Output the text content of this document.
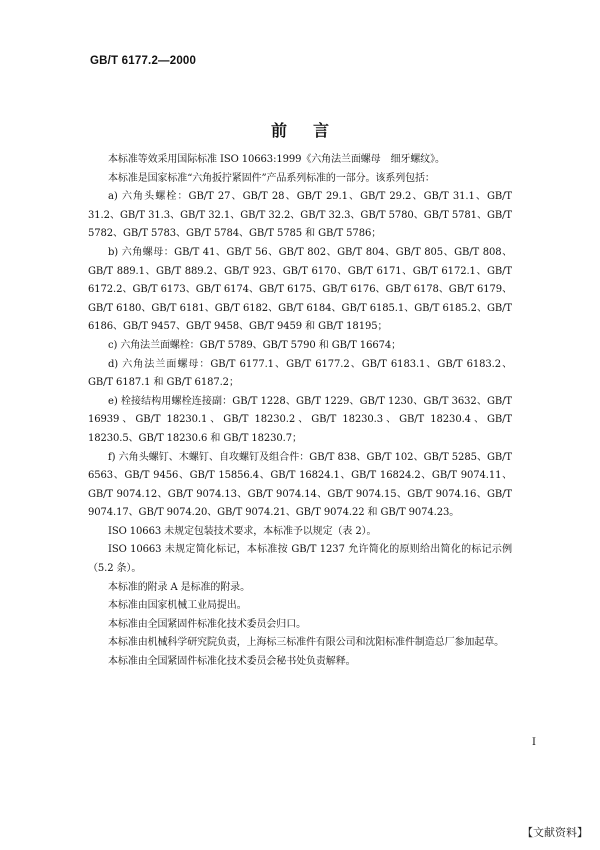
GB/T 6177.2—2000
前言

本标准等效采用国际标准 ISO 10663:1999《六角法兰面螺母　细牙螺纹》。

本标准是国家标准“六角扳拧紧固件”产品系列标准的一部分。该系列包括：

a) 六角头螺栓：GB/T 27、GB/T 28、GB/T 29.1、GB/T 29.2、GB/T 31.1、GB/T 31.2、GB/T 31.3、GB/T 32.1、GB/T 32.2、GB/T 32.3、GB/T 5780、GB/T 5781、GB/T 5782、GB/T 5783、GB/T 5784、GB/T 5785 和 GB/T 5786；

b) 六角螺母：GB/T 41、GB/T 56、GB/T 802、GB/T 804、GB/T 805、GB/T 808、GB/T 889.1、GB/T 889.2、GB/T 923、GB/T 6170、GB/T 6171、GB/T 6172.1、GB/T 6172.2、GB/T 6173、GB/T 6174、GB/T 6175、GB/T 6176、GB/T 6178、GB/T 6179、GB/T 6180、GB/T 6181、GB/T 6182、GB/T 6184、GB/T 6185.1、GB/T 6185.2、GB/T 6186、GB/T 9457、GB/T 9458、GB/T 9459 和 GB/T 18195；

c) 六角法兰面螺栓：GB/T 5789、GB/T 5790 和 GB/T 16674；

d) 六角法兰面螺母：GB/T 6177.1、GB/T 6177.2、GB/T 6183.1、GB/T 6183.2、GB/T 6187.1 和 GB/T 6187.2；

e) 栓接结构用螺栓连接副：GB/T 1228、GB/T 1229、GB/T 1230、GB/T 3632、GB/T 16939、GB/T 18230.1、GB/T 18230.2、GB/T 18230.3、GB/T 18230.4、GB/T 18230.5、GB/T 18230.6 和 GB/T 18230.7；

f) 六角头螺钉、木螺钉、自攻螺钉及组合件：GB/T 838、GB/T 102、GB/T 5285、GB/T 6563、GB/T 9456、GB/T 15856.4、GB/T 16824.1、GB/T 16824.2、GB/T 9074.11、GB/T 9074.12、GB/T 9074.13、GB/T 9074.14、GB/T 9074.15、GB/T 9074.16、GB/T 9074.17、GB/T 9074.20、GB/T 9074.21、GB/T 9074.22 和 GB/T 9074.23。

ISO 10663 未规定包装技术要求，本标准予以规定（表 2）。

ISO 10663 未规定简化标记，本标准按 GB/T 1237 允许简化的原则给出简化的标记示例（5.2 条）。

本标准的附录 A 是标准的附录。

本标准由国家机械工业局提出。

本标准由全国紧固件标准化技术委员会归口。

本标准由机械科学研究院负责，上海标三标准件有限公司和沈阳标准件制造总厂参加起草。

本标准由全国紧固件标准化技术委员会秘书处负责解释。

I
【文献资料】
